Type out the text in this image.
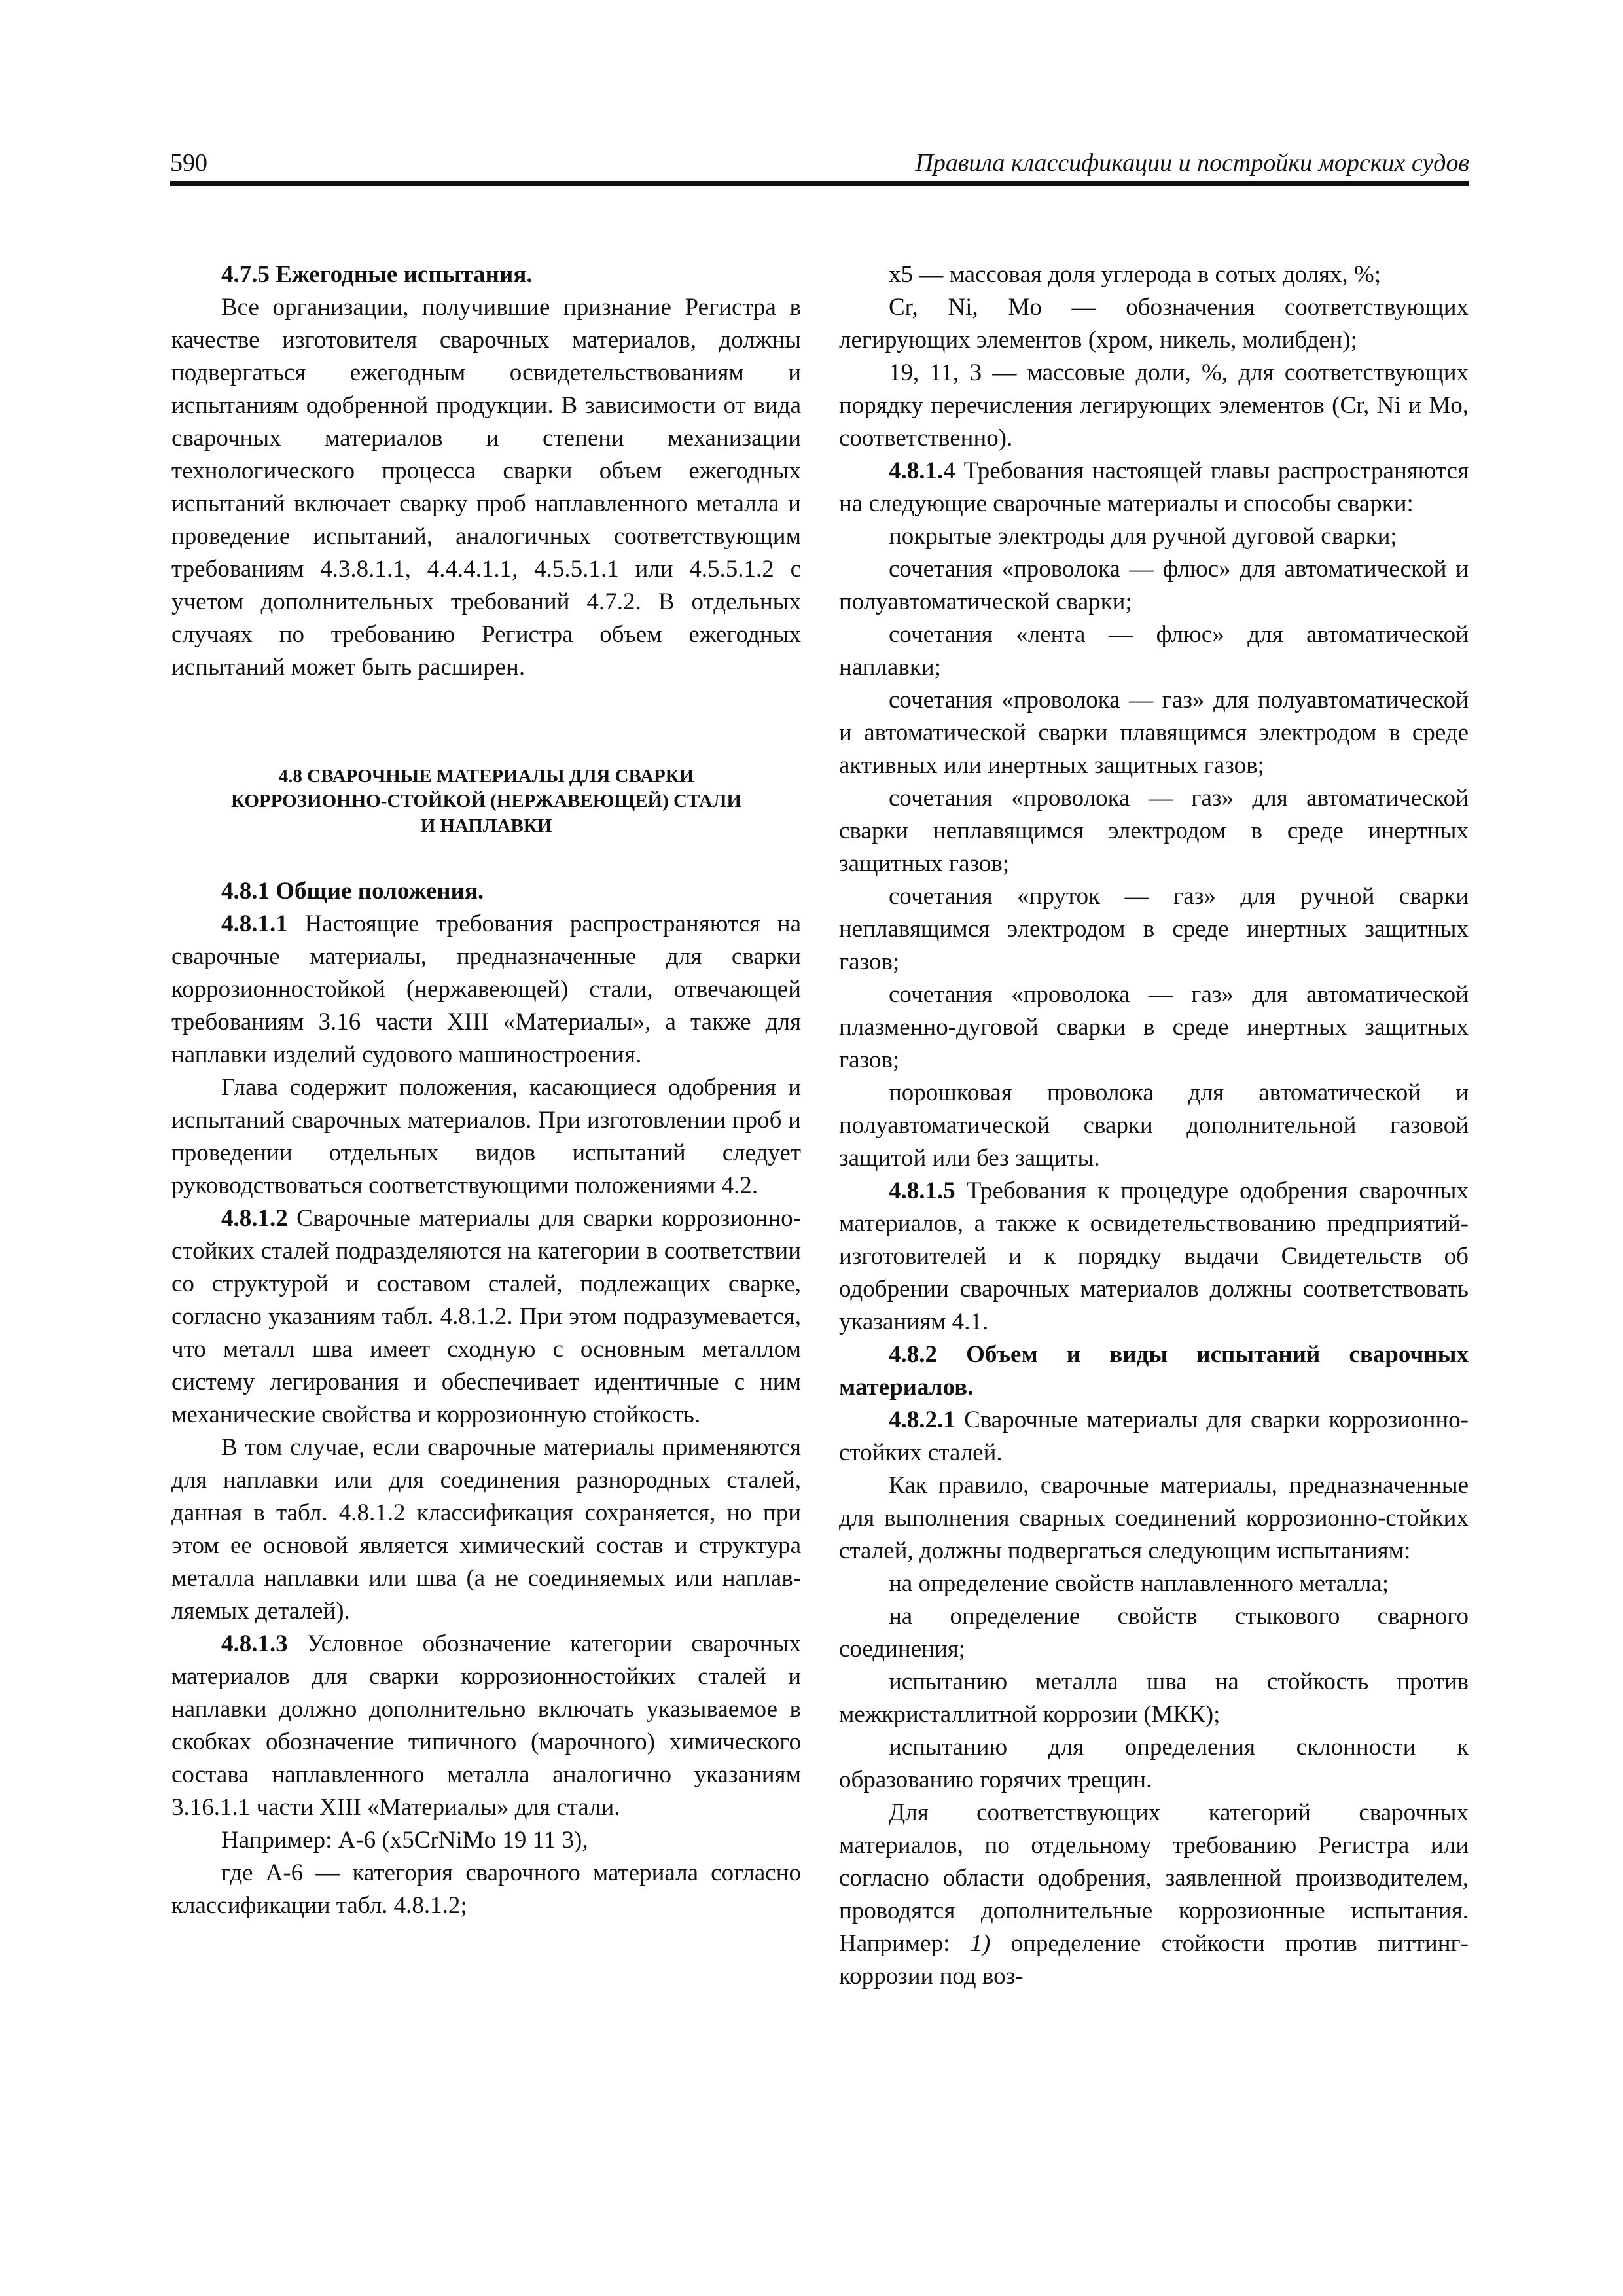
590	Правила классификации и постройки морских судов

4.7.5 Ежегодные испытания.

Все организации, получившие признание Регистра в качестве изготовителя сварочных материалов, должны подвергаться ежегодным освидетельствованиям и испытаниям одобренной продукции. В зависимости от вида сварочных материалов и степени механизации технологического процесса сварки объем ежегодных испытаний включает сварку проб наплавленного металла и проведение испытаний, аналогичных соответствующим требованиям 4.3.8.1.1, 4.4.4.1.1, 4.5.5.1.1 или 4.5.5.1.2 с учетом дополнительных требований 4.7.2. В отдельных случаях по требованию Регистра объем ежегодных испытаний может быть расширен.

4.8 СВАРОЧНЫЕ МАТЕРИАЛЫ ДЛЯ СВАРКИ
КОРРОЗИОННО-СТОЙКОЙ (НЕРЖАВЕЮЩЕЙ) СТАЛИ
И НАПЛАВКИ

4.8.1 Общие положения.

4.8.1.1 Настоящие требования распространяются на сварочные материалы, предназначенные для сварки коррозионностойкой (нержавеющей) стали, отвечающей требованиям 3.16 части XIII «Материалы», а также для наплавки изделий судового машиностроения.

Глава содержит положения, касающиеся одобрения и испытаний сварочных материалов. При изготовлении проб и проведении отдельных видов испытаний следует руководствоваться соответствующими положениями 4.2.

4.8.1.2 Сварочные материалы для сварки коррозионно-стойких сталей подразделяются на категории в соответствии со структурой и составом сталей, подлежащих сварке, согласно указаниям табл. 4.8.1.2. При этом подразумевается, что металл шва имеет сходную с основным металлом систему легирования и обеспечивает идентичные с ним механические свойства и коррозионную стойкость.

В том случае, если сварочные материалы применяются для наплавки или для соединения разнородных сталей, данная в табл. 4.8.1.2 классификация сохраняется, но при этом ее основой является химический состав и структура металла наплавки или шва (а не соединяемых или наплав-ляемых деталей).

4.8.1.3 Условное обозначение категории сварочных материалов для сварки коррозионностойких сталей и наплавки должно дополнительно включать указываемое в скобках обозначение типичного (марочного) химического состава наплавленного металла аналогично указаниям 3.16.1.1 части XIII «Материалы» для стали.

Например: A-6 (x5CrNiMo 19 11 3),

где А-6 — категория сварочного материала согласно классификации табл. 4.8.1.2;

x5 — массовая доля углерода в сотых долях, %;

Cr, Ni, Mo — обозначения соответствующих легирующих элементов (хром, никель, молибден);

19, 11, 3 — массовые доли, %, для соответствующих порядку перечисления легирующих элементов (Cr, Ni и Mo, соответственно).

4.8.1.4 Требования настоящей главы распространяются на следующие сварочные материалы и способы сварки:

покрытые электроды для ручной дуговой сварки;

сочетания «проволока — флюс» для автоматической и полуавтоматической сварки;

сочетания «лента — флюс» для автоматической наплавки;

сочетания «проволока — газ» для полуавтоматической и автоматической сварки плавящимся электродом в среде активных или инертных защитных газов;

сочетания «проволока — газ» для автоматической сварки неплавящимся электродом в среде инертных защитных газов;

сочетания «пруток — газ» для ручной сварки неплавящимся электродом в среде инертных защитных газов;

сочетания «проволока — газ» для автоматической плазменно-дуговой сварки в среде инертных защитных газов;

порошковая проволока для автоматической и полуавтоматической сварки дополнительной газовой защитой или без защиты.

4.8.1.5 Требования к процедуре одобрения сварочных материалов, а также к освидетельствованию предприятий-изготовителей и к порядку выдачи Свидетельств об одобрении сварочных материалов должны соответствовать указаниям 4.1.

4.8.2 Объем и виды испытаний сварочных материалов.

4.8.2.1 Сварочные материалы для сварки коррозионно-стойких сталей.

Как правило, сварочные материалы, предназначенные для выполнения сварных соединений коррозионно-стойких сталей, должны подвергаться следующим испытаниям:

на определение свойств наплавленного металла;

на определение свойств стыкового сварного соединения;

испытанию металла шва на стойкость против межкристаллитной коррозии (МКК);

испытанию для определения склонности к образованию горячих трещин.

Для соответствующих категорий сварочных материалов, по отдельному требованию Регистра или согласно области одобрения, заявленной производителем, проводятся дополнительные коррозионные испытания. Например: 1) определение стойкости против питтинг-коррозии под воз-
